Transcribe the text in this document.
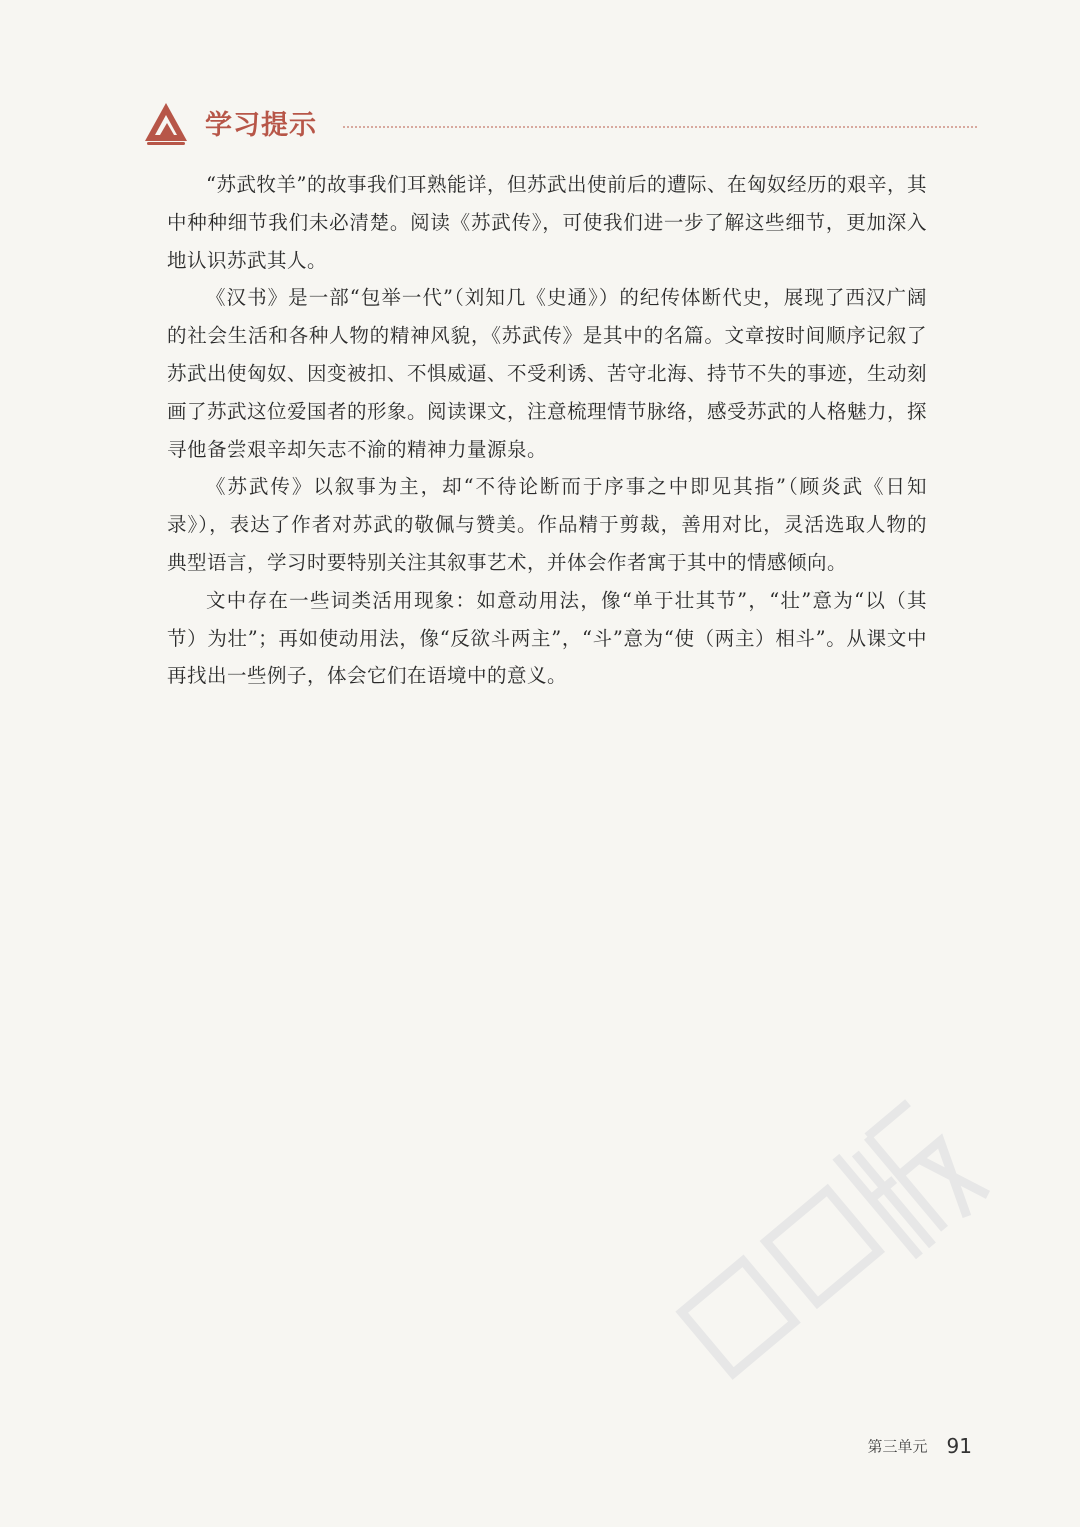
学习提示

“苏武牧羊”的故事我们耳熟能详，但苏武出使前后的遭际、在匈奴经历的艰辛，其中种种细节我们未必清楚。阅读《苏武传》，可使我们进一步了解这些细节，更加深入地认识苏武其人。

《汉书》是一部“包举一代”（刘知几《史通》）的纪传体断代史，展现了西汉广阔的社会生活和各种人物的精神风貌，《苏武传》是其中的名篇。文章按时间顺序记叙了苏武出使匈奴、因变被扣、不惧威逼、不受利诱、苦守北海、持节不失的事迹，生动刻画了苏武这位爱国者的形象。阅读课文，注意梳理情节脉络，感受苏武的人格魅力，探寻他备尝艰辛却矢志不渝的精神力量源泉。

《苏武传》以叙事为主，却“不待论断而于序事之中即见其指”（顾炎武《日知录》），表达了作者对苏武的敬佩与赞美。作品精于剪裁，善用对比，灵活选取人物的典型语言，学习时要特别关注其叙事艺术，并体会作者寓于其中的情感倾向。

文中存在一些词类活用现象：如意动用法，像“单于壮其节”，“壮”意为“以（其节）为壮”；再如使动用法，像“反欲斗两主”，“斗”意为“使（两主）相斗”。从课文中再找出一些例子，体会它们在语境中的意义。

第三单元 91
